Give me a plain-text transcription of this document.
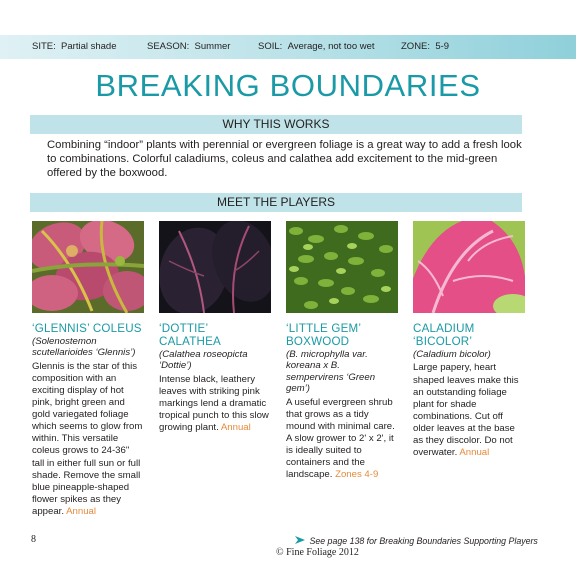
SITE: Partial shade	SEASON: Summer	SOIL: Average, not too wet	ZONE: 5-9
BREAKING BOUNDARIES
WHY THIS WORKS
Combining “indoor” plants with perennial or evergreen foliage is a great way to add a fresh look to combinations. Colorful caladiums, coleus and calathea add excitement to the mid-green offered by the boxwood.
MEET THE PLAYERS
‘GLENNIS’ COLEUS
(Solenostemon scutellarioides ‘Glennis’)
Glennis is the star of this composition with an exciting display of hot pink, bright green and gold variegated foliage which seems to glow from within. This versatile coleus grows to 24-36" tall in either full sun or full shade. Remove the small blue pineapple-shaped flower spikes as they appear. Annual
‘DOTTIE’ CALATHEA
(Calathea roseopicta ‘Dottie’)
Intense black, leathery leaves with striking pink markings lend a dramatic tropical punch to this slow growing plant. Annual
‘LITTLE GEM’ BOXWOOD
(B. microphylla var. koreana x B. sempervirens ‘Green gem’)
A useful evergreen shrub that grows as a tidy mound with minimal care. A slow grower to 2' x 2', it is ideally suited to containers and the landscape. Zones 4-9
CALADIUM ‘BICOLOR’
(Caladium bicolor)
Large papery, heart shaped leaves make this an outstanding foliage plant for shade combinations. Cut off older leaves at the base as they discolor. Do not overwater. Annual
8	See page 138 for Breaking Boundaries Supporting Players
© Fine Foliage 2012
